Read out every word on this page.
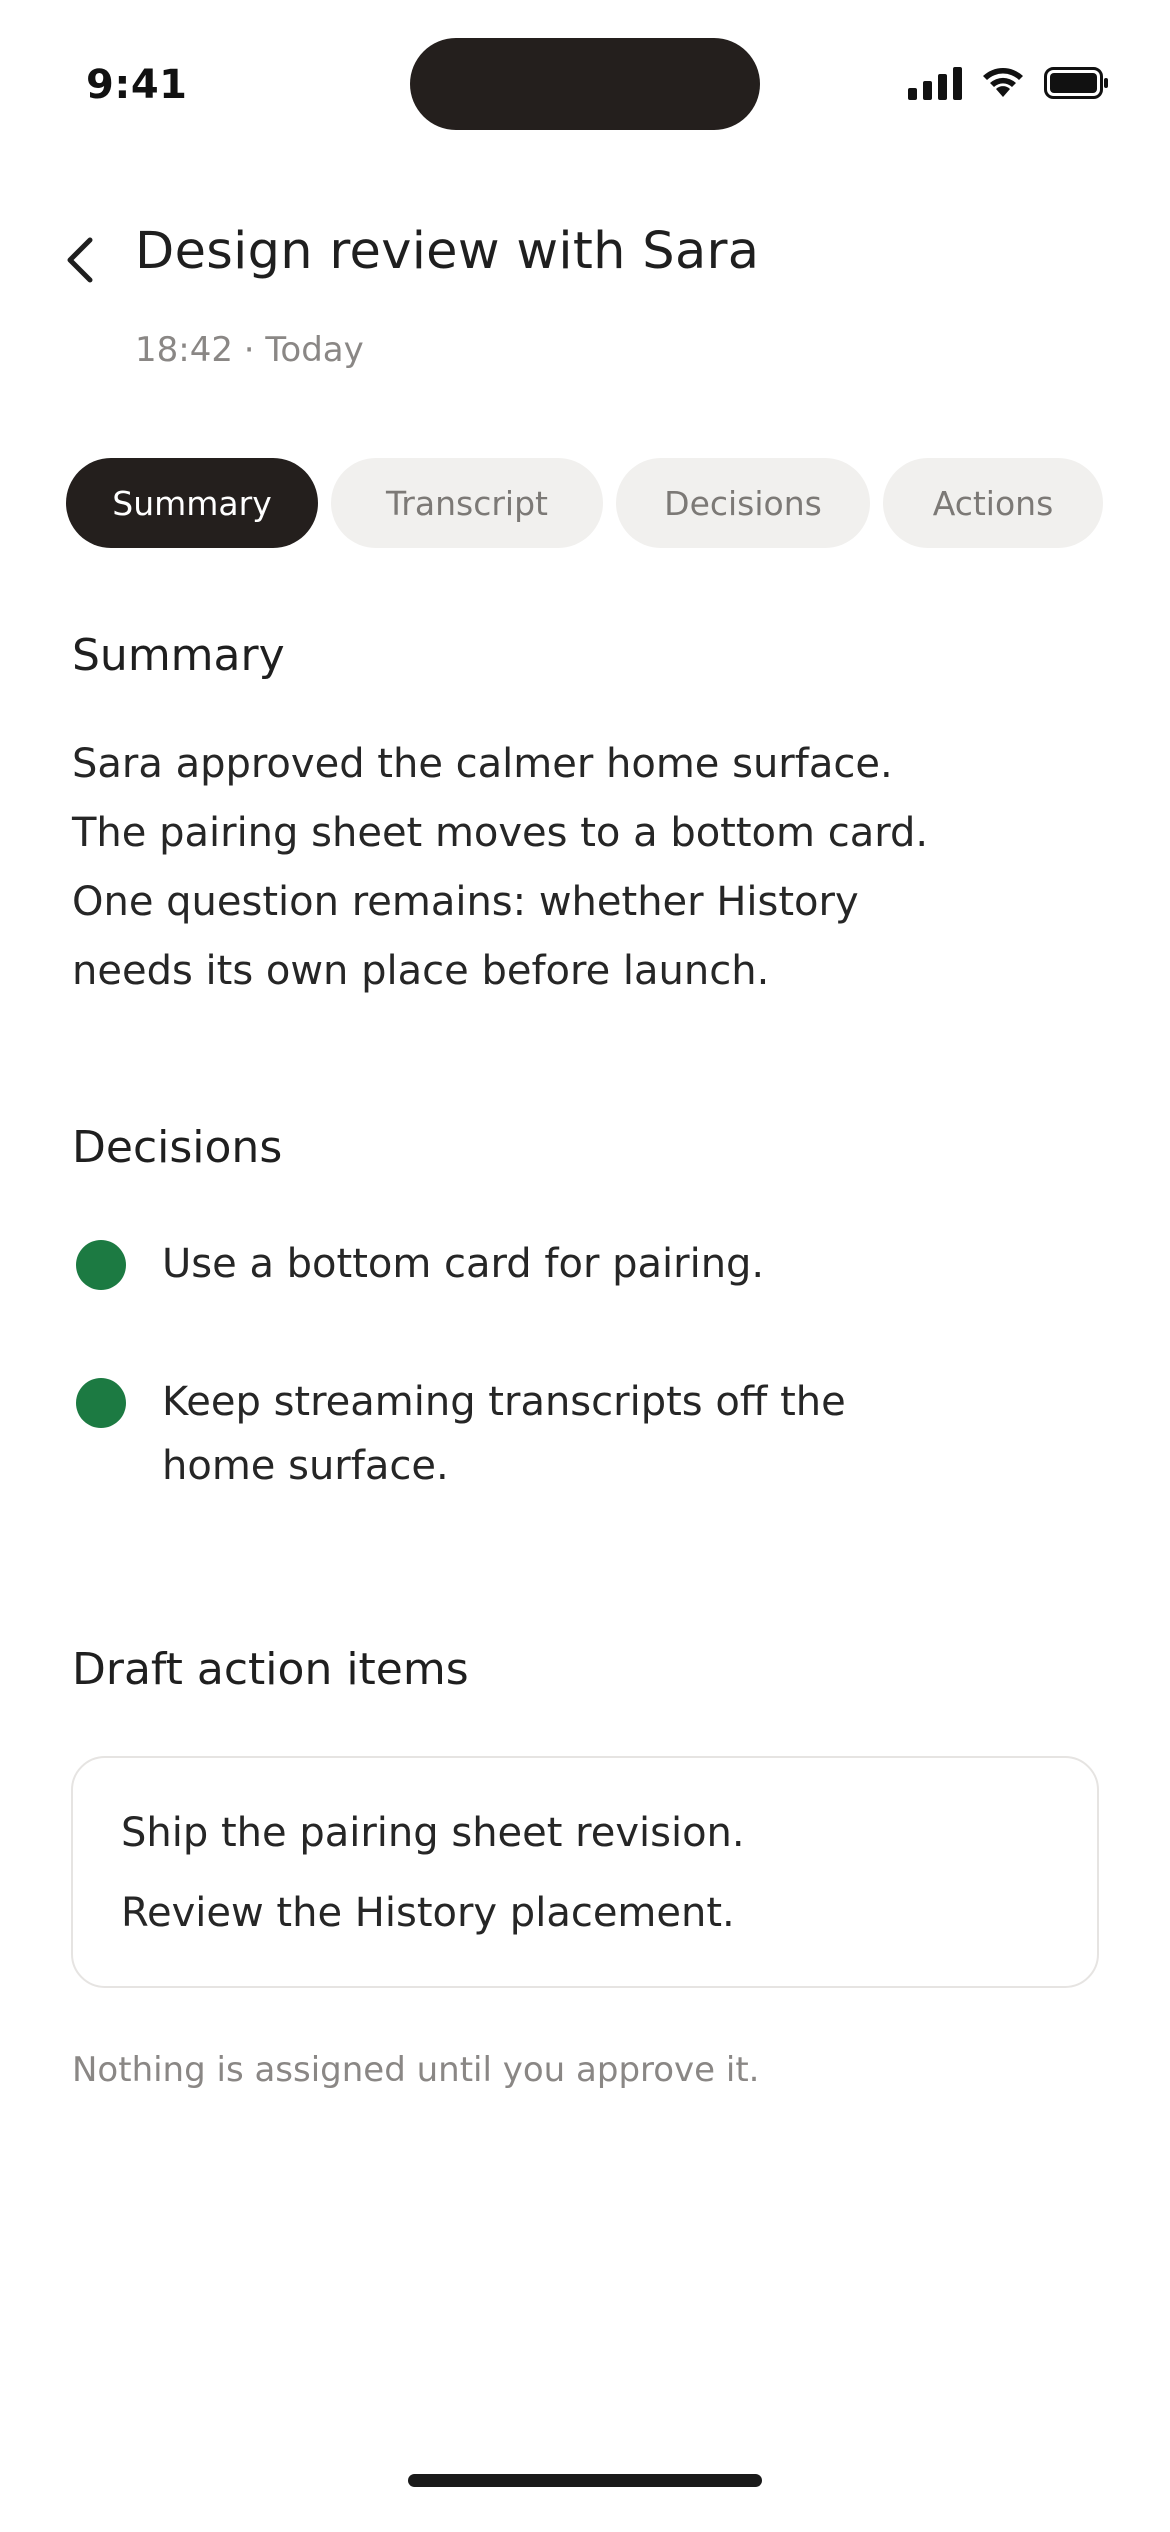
9:41
Design review with Sara
18:42 · Today
Summary	Transcript	Decisions	Actions
Summary

Sara approved the calmer home surface.
The pairing sheet moves to a bottom card.
One question remains: whether History
needs its own place before launch.

Decisions
Use a bottom card for pairing.
Keep streaming transcripts off the
home surface.
Draft action items
Ship the pairing sheet revision.
Review the History placement.
Nothing is assigned until you approve it.
